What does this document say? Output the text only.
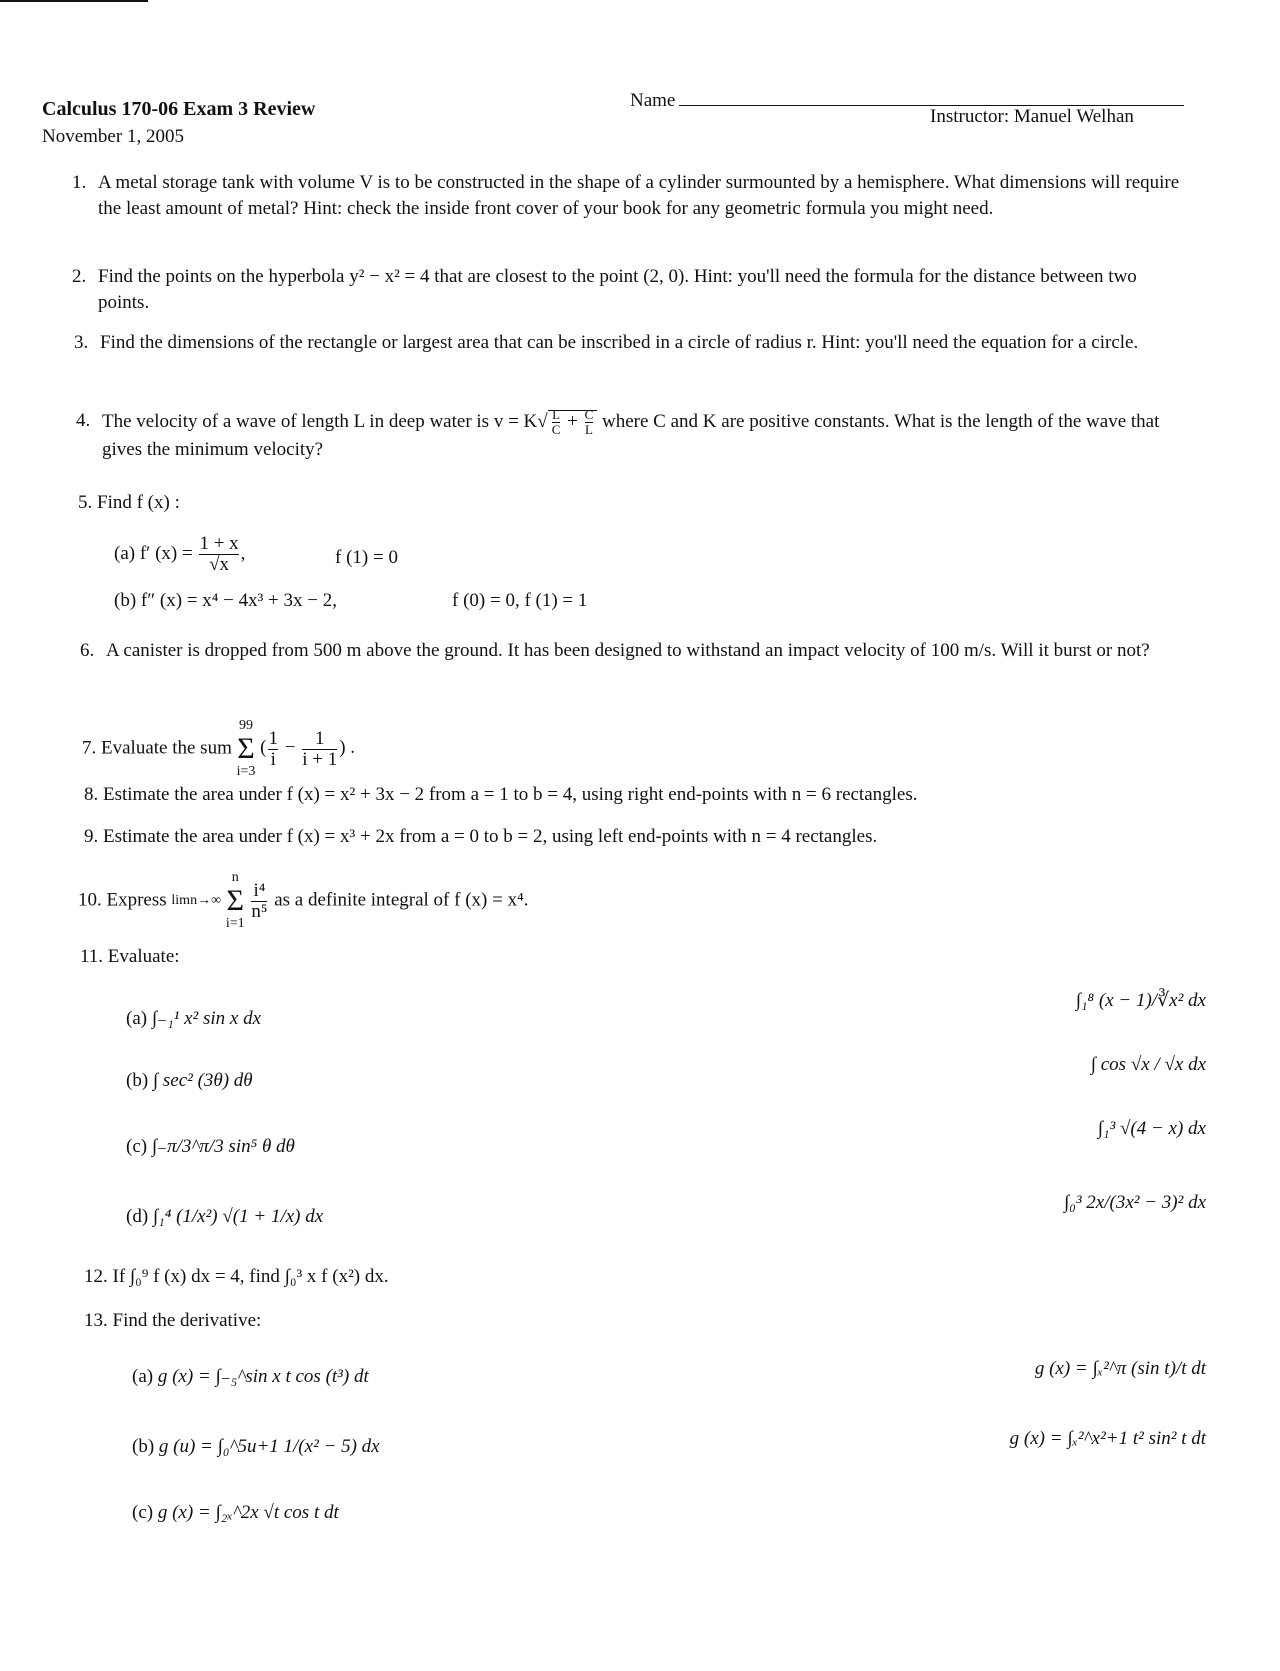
Calculus 170-06 Exam 3 Review
November 1, 2005
Name
Instructor: Manuel Welhan
1. A metal storage tank with volume V is to be constructed in the shape of a cylinder surmounted by a hemisphere. What dimensions will require the least amount of metal? Hint: check the inside front cover of your book for any geometric formula you might need.
2. Find the points on the hyperbola y² − x² = 4 that are closest to the point (2, 0). Hint: you'll need the formula for the distance between two points.
3. Find the dimensions of the rectangle or largest area that can be inscribed in a circle of radius r. Hint: you'll need the equation for a circle.
4. The velocity of a wave of length L in deep water is $v = K√ \frac{L}{C} + \frac{C}{L}$ where C and K are positive constants. What is the length of the wave that gives the minimum velocity?
5. Find f (x) :
(a) f′ $(x) = \frac{1 + x}{√x}$ ,	f (1) = 0
(b) f″ (x) = x⁴ − 4x³ + 3x − 2,	f (0) = 0, f (1) = 1
6. A canister is dropped from 500 m above the ground. It has been designed to withstand an impact velocity of 100 m/s. Will it burst or not?
7. Evaluate the sum 99
Σ
i=3 ( $\frac{1}{i} - \frac{1}{i + 1}$ ) .
8. Estimate the area under f (x) = x² + 3x − 2 from a = 1 to b = 4, using right end-points with n = 6 rectangles.
9. Estimate the area under f (x) = x³ + 2x from a = 0 to b = 2, using left end-points with n = 4 rectangles.
10. Express limn→∞ n
Σ
i=1
$\frac{\text{i⁴}}{\text{n⁵}}$ as a definite integral of f (x) = x⁴.
11. Evaluate:
(a) ∫₋₁¹ x² sin x dx
(b) ∫ sec² (3θ) dθ
(c) ∫₋π/3^π/3 sin⁵ θ dθ
(d) ∫₁⁴ (1/x²) √(1 + 1/x) dx
∫₁⁸ (x − 1)/∛x² dx
∫ cos √x / √x dx
∫₁³ √(4 − x) dx
∫₀³ 2x/(3x² − 3)² dx
12. If ∫₀⁹ f (x) dx = 4, find ∫₀³ x f (x²) dx.
13. Find the derivative:
(a) g (x) = ∫₋₅^sin x t cos (t³) dt
(b) g (u) = ∫₀^5u+1 1/(x² − 5) dx
(c) g (x) = ∫₂ₓ^2x √t cos t dt
g (x) = ∫ₓ²^π (sin t)/t dt
g (x) = ∫ₓ²^x²+1 t² sin² t dt
